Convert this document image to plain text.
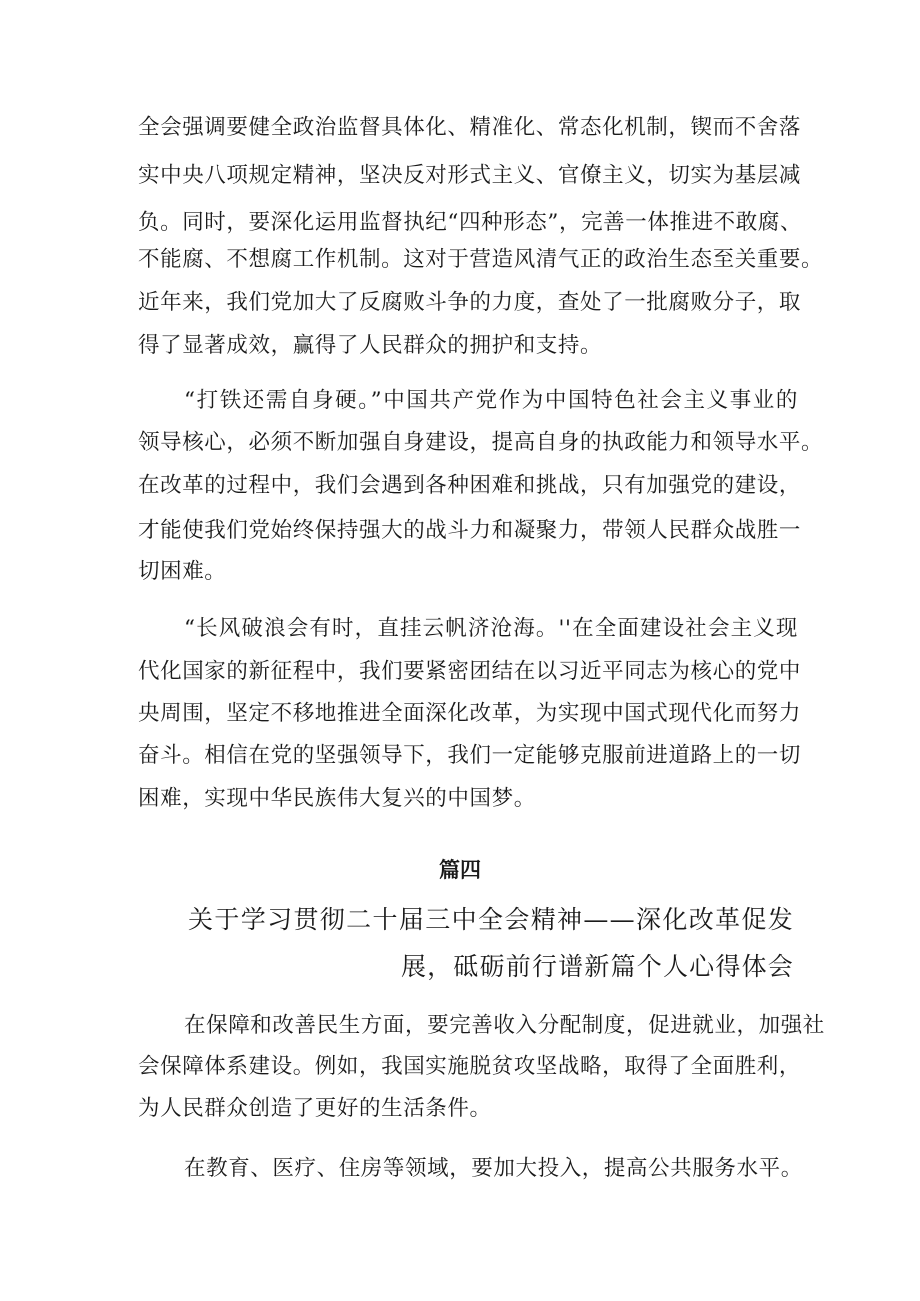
全会强调要健全政治监督具体化、精准化、常态化机制，锲而不舍落
实中央八项规定精神，坚决反对形式主义、官僚主义，切实为基层减
负。同时，要深化运用监督执纪“四种形态”，完善一体推进不敢腐、
不能腐、不想腐工作机制。这对于营造风清气正的政治生态至关重要。
近年来，我们党加大了反腐败斗争的力度，查处了一批腐败分子，取
得了显著成效，赢得了人民群众的拥护和支持。
“打铁还需自身硬。”中国共产党作为中国特色社会主义事业的
领导核心，必须不断加强自身建设，提高自身的执政能力和领导水平。
在改革的过程中，我们会遇到各种困难和挑战，只有加强党的建设，
才能使我们党始终保持强大的战斗力和凝聚力，带领人民群众战胜一
切困难。
“长风破浪会有时，直挂云帆济沧海。''在全面建设社会主义现
代化国家的新征程中，我们要紧密团结在以习近平同志为核心的党中
央周围，坚定不移地推进全面深化改革，为实现中国式现代化而努力
奋斗。相信在党的坚强领导下，我们一定能够克服前进道路上的一切
困难，实现中华民族伟大复兴的中国梦。
篇四
关于学习贯彻二十届三中全会精神——深化改革促发
展，砥砺前行谱新篇个人心得体会
在保障和改善民生方面，要完善收入分配制度，促进就业，加强社
会保障体系建设。例如，我国实施脱贫攻坚战略，取得了全面胜利，
为人民群众创造了更好的生活条件。
在教育、医疗、住房等领域，要加大投入，提高公共服务水平。
